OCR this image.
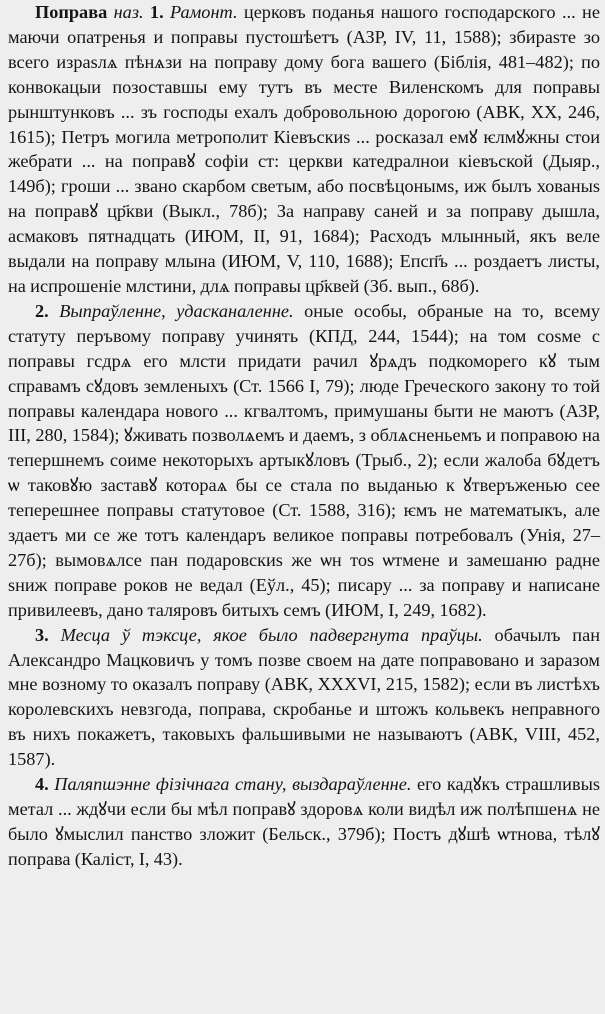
Поправа наз. 1. Рамонт. церковъ поданья нашого господарского ... не маючи опатренья и поправы пустошѣетъ (АЗР, IV, 11, 1588); збираѕте зо всего израѕлѧ пѣнѧзи на поправу дому бога вашего (Біблія, 481–482); по конвокацыи позоставшы ему тутъ въ месте Виленскомъ для поправы рынштунковъ ... зъ господы ехалъ добровольною дорогою (АВК, XX, 246, 1615); Петръ могила метрополит Кіевъскиѕ ... росказал емꙋ ѥлмꙋжны стои жебрати ... на поправꙋ софіи ст: церкви катедралнои кіевъской (Дыяр., 149б); гроши ... звано скарбом светым, або посвѣцонымѕ, иж былъ хованыѕ на поправꙋ цр҃кви (Выкл., 78б); За направу саней и за поправу дышла, асмаковъ пятнадцать (ИЮМ, II, 91, 1684); Расходъ млынный, якъ веле выдали на поправу млына (ИЮМ, V, 110, 1688); Епсп҃ъ ... роздаетъ листы, на испрошеніе млстини, длѧ поправы цр҃квей (Зб. вып., 68б).

2. Выпраўленне, удасканаленне. оные особы, обраные на то, всему статуту перъвому поправу учинять (КПД, 244, 1544); на том соѕме с поправы гсдрѧ его млсти придати рачил ꙋрѧдъ подкоморего кꙋ тым справамъ сꙋдовъ земленыхъ (Ст. 1566 I, 79); люде Греческого закону то той поправы календара нового ... кгвалтомъ, примушаны быти не маютъ (АЗР, III, 280, 1584); ꙋживать позволѧемъ и даемъ, з облѧсненьемъ и поправою на тепершнемъ соиме некоторыхъ артыкꙋловъ (Трыб., 2); если жалоба бꙋдетъ ѡ таковꙋю заставꙋ котораѧ бы се стала по выданью к ꙋтверъженью сее теперешнее поправы статутовое (Ст. 1588, 316); ѥмъ не математыкъ, але здаетъ ми се же тотъ календаръ великое поправы потребовалъ (Унія, 27–27б); вымовѧлсе пан подаровскиѕ же ѡн тоѕ ѡтмене и замешаню радне ѕниж поправе роков не ведал (Еўл., 45); писару ... за поправу и написане привилеевъ, дано таляровъ битыхъ семъ (ИЮМ, I, 249, 1682).

3. Месца ў тэксце, якое было падвергнута праўцы. обачылъ пан Александро Мацковичъ у томъ позве своем на дате поправовано и заразом мне возному то оказалъ поправу (АВК, XXXVI, 215, 1582); если въ листѣхъ королевскихъ невзгода, поправа, скробанье и штожъ кольвекъ неправного въ нихъ покажетъ, таковыхъ фальшивыми не называютъ (АВК, VIII, 452, 1587).

4. Паляпшэнне фізічнага стану, выздараўленне. его кадꙋкъ страшливыѕ метал ... ждꙋчи если бы мѣл поправꙋ здоровѧ коли видѣл иж полѣпшенѧ не было ꙋмыслил панство зложит (Бельск., 379б); Постъ дꙋшѣ ѡтнова, тѣлꙋ поправа (Каліст, I, 43).
